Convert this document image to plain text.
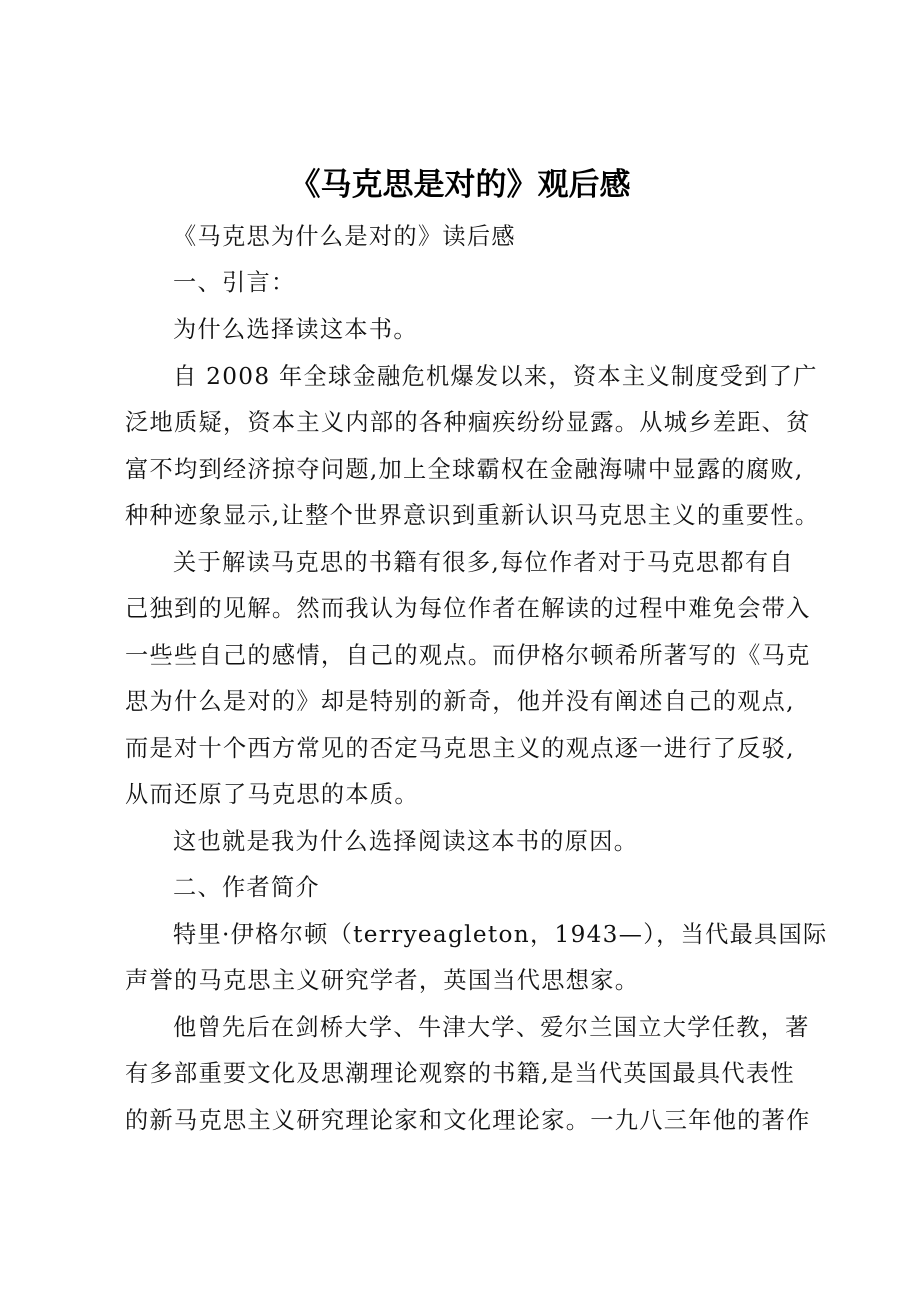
《马克思是对的》观后感
《马克思为什么是对的》读后感
一、引言：
为什么选择读这本书。
自 2008 年全球金融危机爆发以来，资本主义制度受到了广
泛地质疑，资本主义内部的各种痼疾纷纷显露。从城乡差距、贫
富不均到经济掠夺问题,加上全球霸权在金融海啸中显露的腐败,
种种迹象显示,让整个世界意识到重新认识马克思主义的重要性。
关于解读马克思的书籍有很多,每位作者对于马克思都有自
己独到的见解。然而我认为每位作者在解读的过程中难免会带入
一些些自己的感情，自己的观点。而伊格尔顿希所著写的《马克
思为什么是对的》却是特别的新奇，他并没有阐述自己的观点,
而是对十个西方常见的否定马克思主义的观点逐一进行了反驳,
从而还原了马克思的本质。
这也就是我为什么选择阅读这本书的原因。
二、作者简介
特里·伊格尔顿（terryeagleton，1943—），当代最具国际
声誉的马克思主义研究学者，英国当代思想家。
他曾先后在剑桥大学、牛津大学、爱尔兰国立大学任教，著
有多部重要文化及思潮理论观察的书籍,是当代英国最具代表性
的新马克思主义研究理论家和文化理论家。一九八三年他的著作
